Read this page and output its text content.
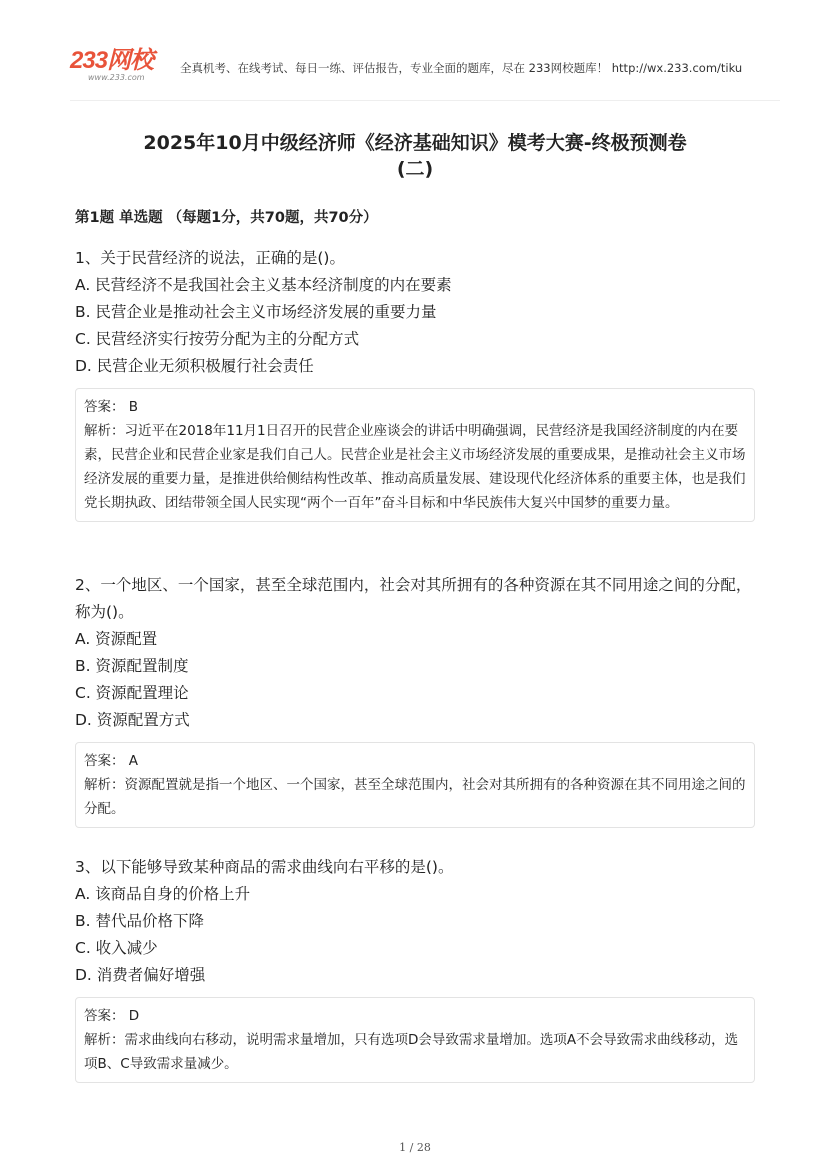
233网校
www.233.com
全真机考、在线考试、每日一练、评估报告，专业全面的题库，尽在 233网校题库！ http://wx.233.com/tiku
2025年10月中级经济师《经济基础知识》模考大赛-终极预测卷
(二)
第1题 单选题 （每题1分，共70题，共70分）
1、关于民营经济的说法，正确的是()。
A. 民营经济不是我国社会主义基本经济制度的内在要素
B. 民营企业是推动社会主义市场经济发展的重要力量
C. 民营经济实行按劳分配为主的分配方式
D. 民营企业无须积极履行社会责任
答案： B
解析：习近平在2018年11月1日召开的民营企业座谈会的讲话中明确强调，民营经济是我国经济制度的内在要素，民营企业和民营企业家是我们自己人。民营企业是社会主义市场经济发展的重要成果，是推动社会主义市场经济发展的重要力量，是推进供给侧结构性改革、推动高质量发展、建设现代化经济体系的重要主体，也是我们党长期执政、团结带领全国人民实现“两个一百年”奋斗目标和中华民族伟大复兴中国梦的重要力量。
2、一个地区、一个国家，甚至全球范围内，社会对其所拥有的各种资源在其不同用途之间的分配，称为()。
A. 资源配置
B. 资源配置制度
C. 资源配置理论
D. 资源配置方式
答案： A
解析：资源配置就是指一个地区、一个国家，甚至全球范围内，社会对其所拥有的各种资源在其不同用途之间的分配。
3、以下能够导致某种商品的需求曲线向右平移的是()。
A. 该商品自身的价格上升
B. 替代品价格下降
C. 收入减少
D. 消费者偏好增强
答案： D
解析：需求曲线向右移动，说明需求量增加，只有选项D会导致需求量增加。选项A不会导致需求曲线移动，选项B、C导致需求量减少。
1 / 28
